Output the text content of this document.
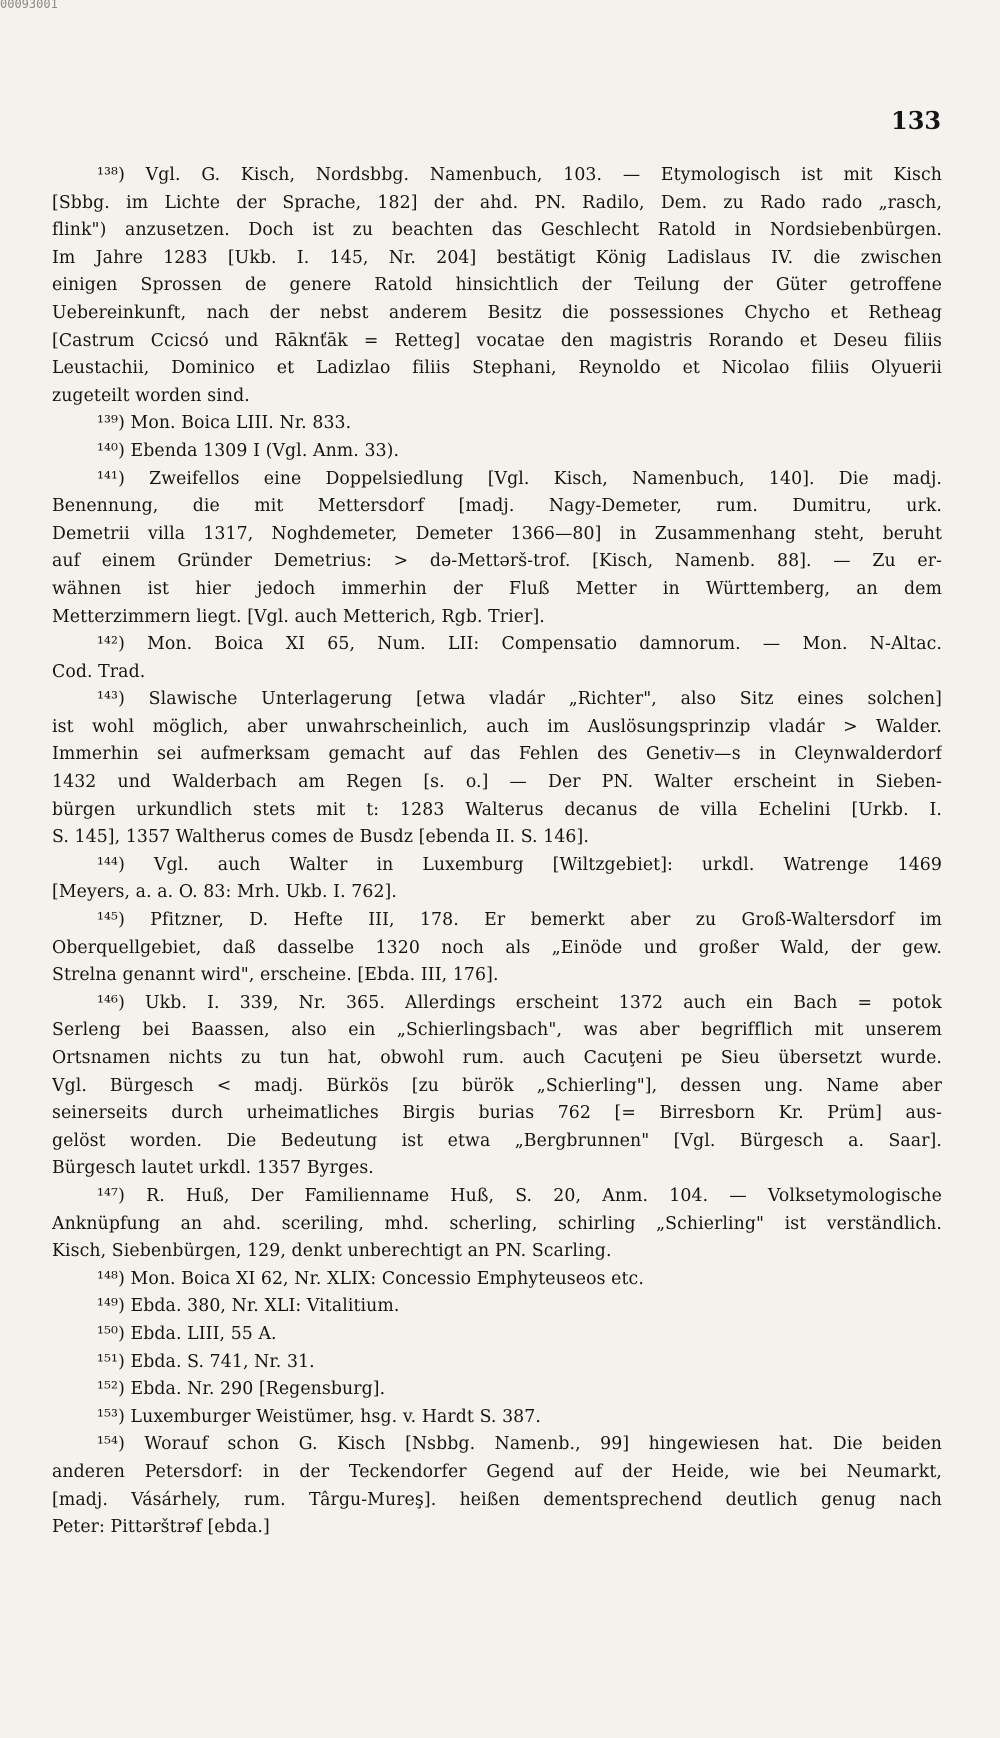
00093001
133
¹³⁸) Vgl. G. Kisch, Nordsbbg. Namenbuch, 103. — Etymologisch ist mit Kisch
[Sbbg. im Lichte der Sprache, 182] der ahd. PN. Radilo, Dem. zu Rado rado „rasch,
flink") anzusetzen. Doch ist zu beachten das Geschlecht Ratold in Nordsiebenbürgen.
Im Jahre 1283 [Ukb. I. 145, Nr. 204] bestätigt König Ladislaus IV. die zwischen
einigen Sprossen de genere Ratold hinsichtlich der Teilung der Güter getroffene
Uebereinkunft, nach der nebst anderem Besitz die possessiones Chycho et Retheag
[Castrum Ccicsó und Rāknťāk = Retteg] vocatae den magistris Rorando et Deseu filiis
Leustachii, Dominico et Ladizlao filiis Stephani, Reynoldo et Nicolao filiis Olyuerii
zugeteilt worden sind.
¹³⁹) Mon. Boica LIII. Nr. 833.
¹⁴⁰) Ebenda 1309 I (Vgl. Anm. 33).
¹⁴¹) Zweifellos eine Doppelsiedlung [Vgl. Kisch, Namenbuch, 140]. Die madj.
Benennung, die mit Mettersdorf [madj. Nagy-Demeter, rum. Dumitru, urk.
Demetrii villa 1317, Noghdemeter, Demeter 1366—80] in Zusammenhang steht, beruht
auf einem Gründer Demetrius: > də-Mettərš-trof. [Kisch, Namenb. 88]. — Zu er-
wähnen ist hier jedoch immerhin der Fluß Metter in Württemberg, an dem
Metterzimmern liegt. [Vgl. auch Metterich, Rgb. Trier].
¹⁴²) Mon. Boica XI 65, Num. LII: Compensatio damnorum. — Mon. N-Altac.
Cod. Trad.
¹⁴³) Slawische Unterlagerung [etwa vladár „Richter", also Sitz eines solchen]
ist wohl möglich, aber unwahrscheinlich, auch im Auslösungsprinzip vladár > Walder.
Immerhin sei aufmerksam gemacht auf das Fehlen des Genetiv—s in Cleynwalderdorf
1432 und Walderbach am Regen [s. o.] — Der PN. Walter erscheint in Sieben-
bürgen urkundlich stets mit t: 1283 Walterus decanus de villa Echelini [Urkb. I.
S. 145], 1357 Waltherus comes de Busdz [ebenda II. S. 146].
¹⁴⁴) Vgl. auch Walter in Luxemburg [Wiltzgebiet]: urkdl. Watrenge 1469
[Meyers, a. a. O. 83: Mrh. Ukb. I. 762].
¹⁴⁵) Pfitzner, D. Hefte III, 178. Er bemerkt aber zu Groß-Waltersdorf im
Oberquellgebiet, daß dasselbe 1320 noch als „Einöde und großer Wald, der gew.
Strelna genannt wird", erscheine. [Ebda. III, 176].
¹⁴⁶) Ukb. I. 339, Nr. 365. Allerdings erscheint 1372 auch ein Bach = potok
Serleng bei Baassen, also ein „Schierlingsbach", was aber begrifflich mit unserem
Ortsnamen nichts zu tun hat, obwohl rum. auch Cacuţeni pe Sieu übersetzt wurde.
Vgl. Bürgesch < madj. Bürkös [zu bürök „Schierling"], dessen ung. Name aber
seinerseits durch urheimatliches Birgis burias 762 [= Birresborn Kr. Prüm] aus-
gelöst worden. Die Bedeutung ist etwa „Bergbrunnen" [Vgl. Bürgesch a. Saar].
Bürgesch lautet urkdl. 1357 Byrges.
¹⁴⁷) R. Huß, Der Familienname Huß, S. 20, Anm. 104. — Volksetymologische
Anknüpfung an ahd. sceriling, mhd. scherling, schirling „Schierling" ist verständlich.
Kisch, Siebenbürgen, 129, denkt unberechtigt an PN. Scarling.
¹⁴⁸) Mon. Boica XI 62, Nr. XLIX: Concessio Emphyteuseos etc.
¹⁴⁹) Ebda. 380, Nr. XLI: Vitalitium.
¹⁵⁰) Ebda. LIII, 55 A.
¹⁵¹) Ebda. S. 741, Nr. 31.
¹⁵²) Ebda. Nr. 290 [Regensburg].
¹⁵³) Luxemburger Weistümer, hsg. v. Hardt S. 387.
¹⁵⁴) Worauf schon G. Kisch [Nsbbg. Namenb., 99] hingewiesen hat. Die beiden
anderen Petersdorf: in der Teckendorfer Gegend auf der Heide, wie bei Neumarkt,
[madj. Vásárhely, rum. Târgu-Mureş]. heißen dementsprechend deutlich genug nach
Peter: Pittərštrəf [ebda.]
